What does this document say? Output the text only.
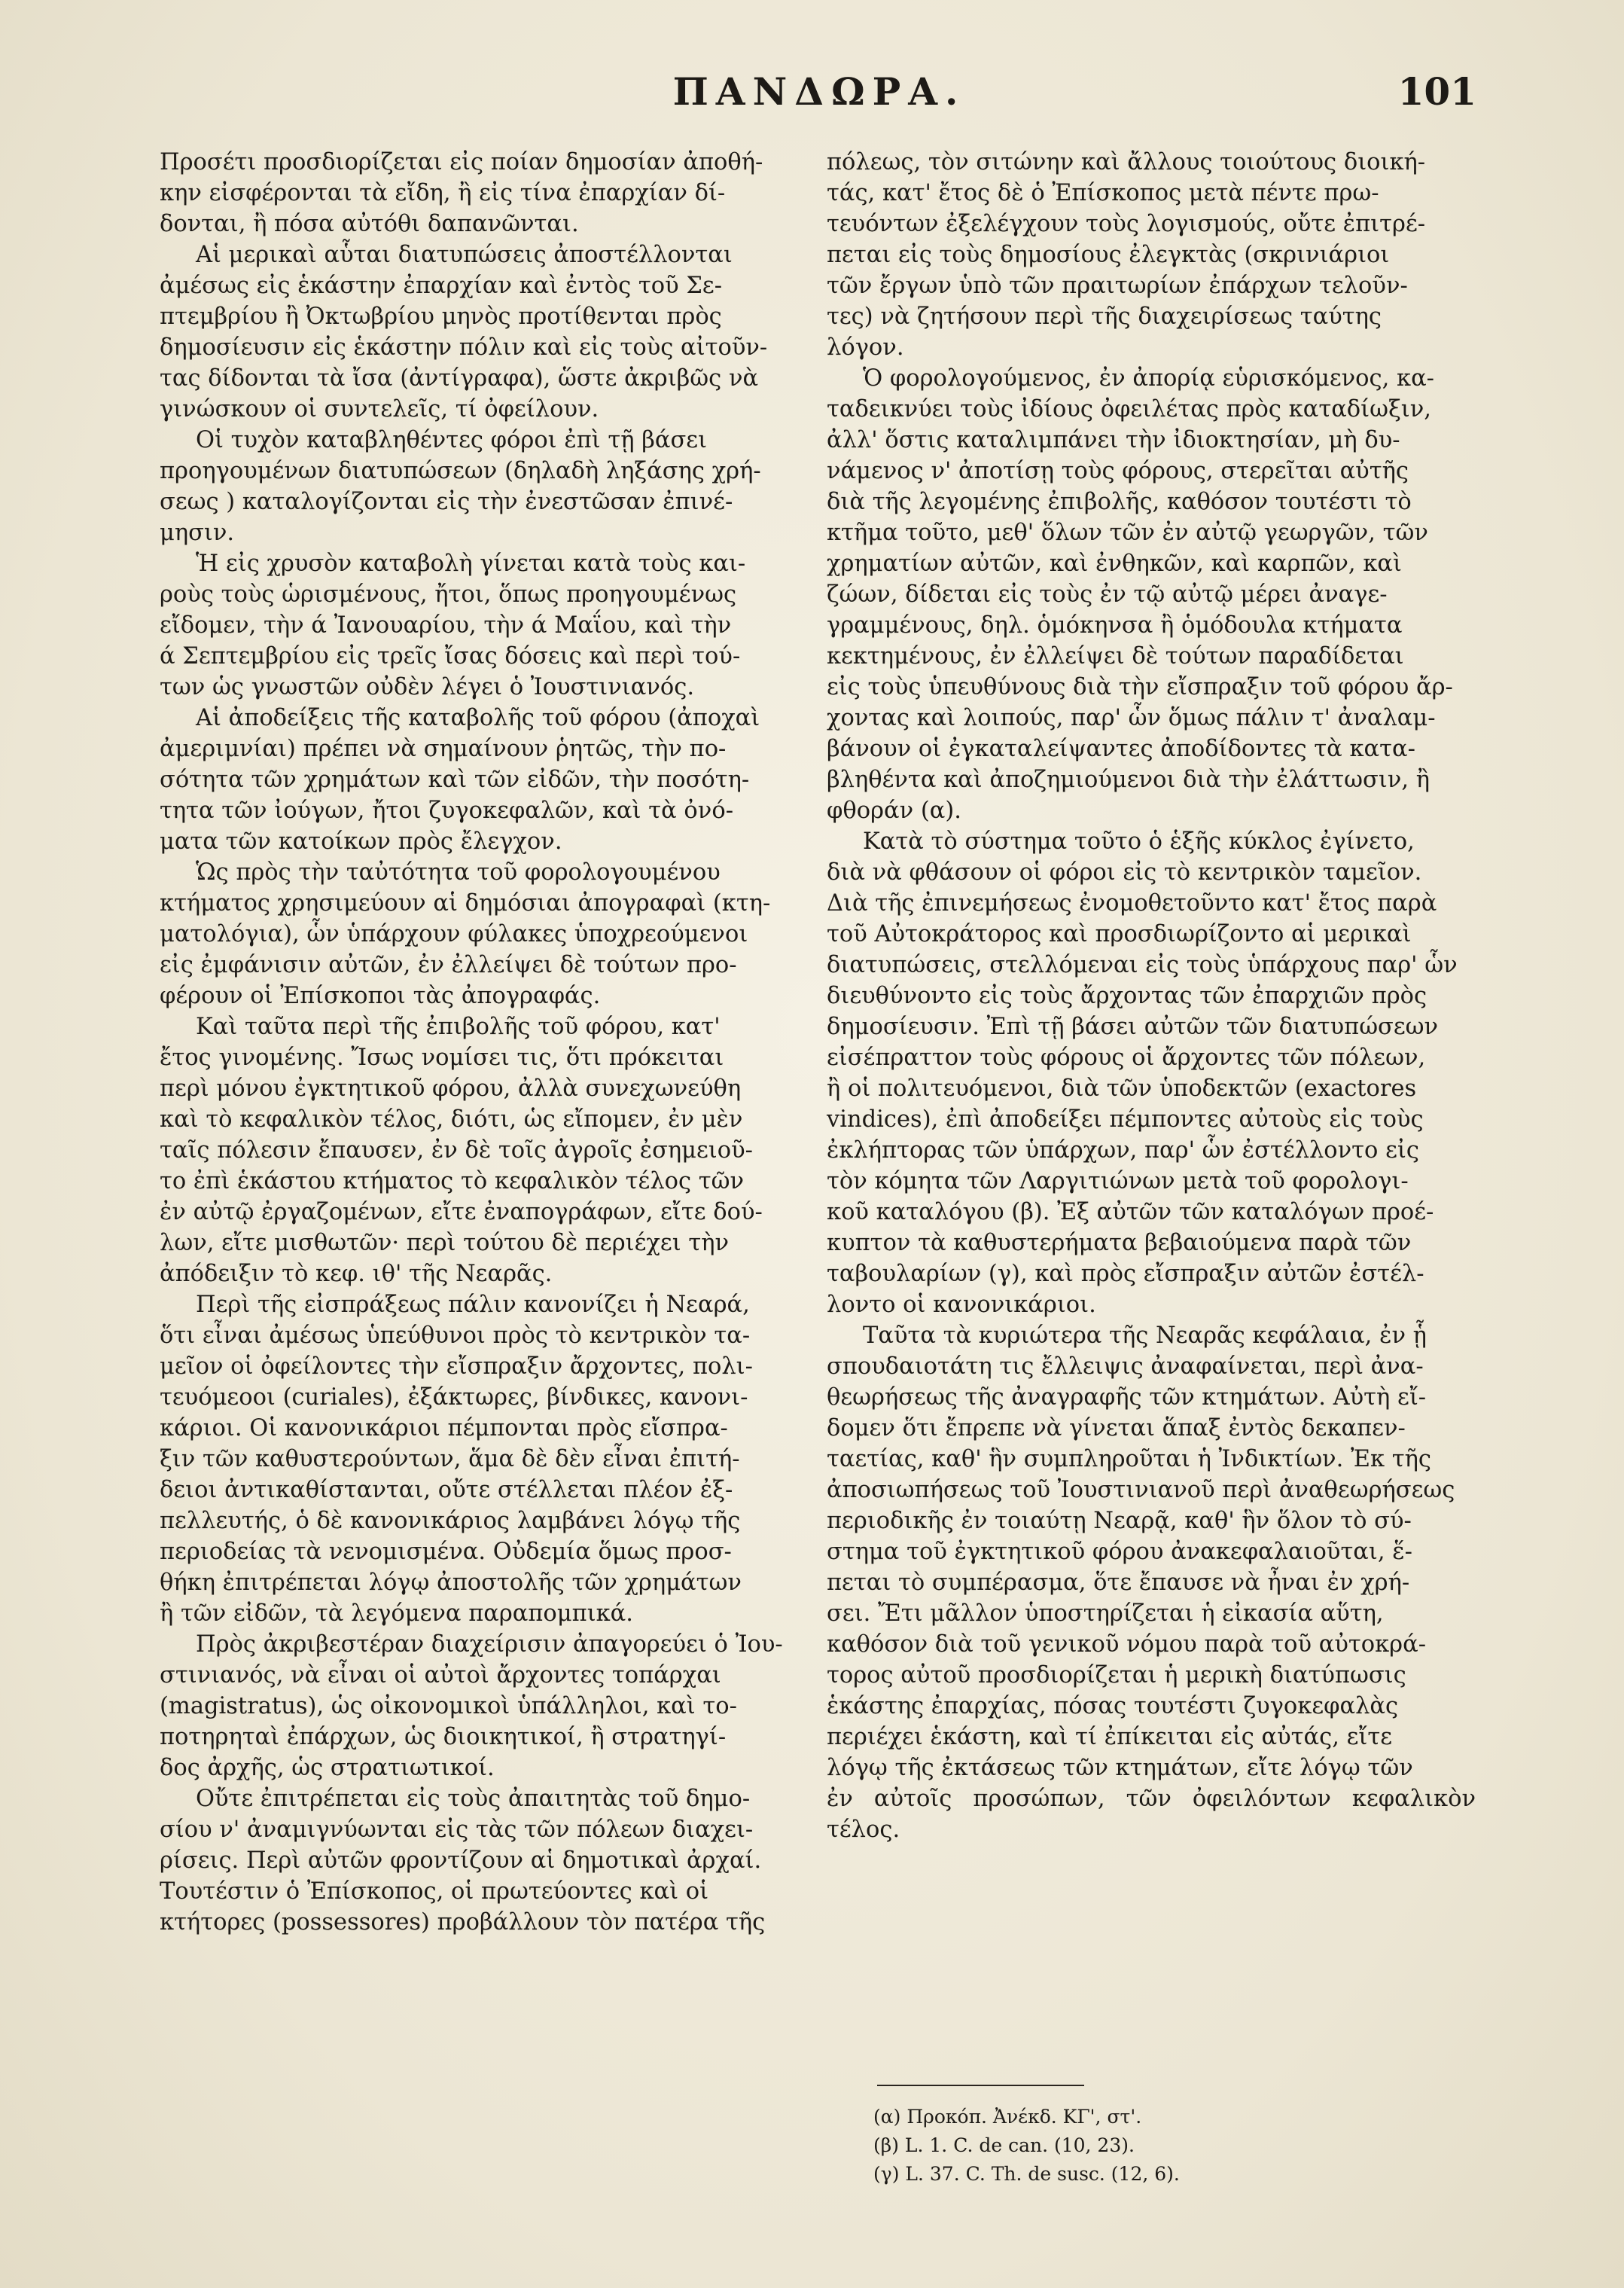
ΠΑΝΔΩΡΑ.	101

Προσέτι προσδιορίζεται εἰς ποίαν δημοσίαν ἀποθή-
κην εἰσφέρονται τὰ εἴδη, ἢ εἰς τίνα ἐπαρχίαν δί-
δονται, ἢ πόσα αὐτόθι δαπανῶνται.

Αἱ μερικαὶ αὗται διατυπώσεις ἀποστέλλονται
ἀμέσως εἰς ἑκάστην ἐπαρχίαν καὶ ἐντὸς τοῦ Σε-
πτεμβρίου ἢ Ὀκτωβρίου μηνὸς προτίθενται πρὸς
δημοσίευσιν εἰς ἑκάστην πόλιν καὶ εἰς τοὺς αἰτοῦν-
τας δίδονται τὰ ἴσα (ἀντίγραφα), ὥστε ἀκριβῶς νὰ
γινώσκουν οἱ συντελεῖς, τί ὀφείλουν.

Οἱ τυχὸν καταβληθέντες φόροι ἐπὶ τῇ βάσει
προηγουμένων διατυπώσεων (δηλαδὴ ληξάσης χρή-
σεως ) καταλογίζονται εἰς τὴν ἐνεστῶσαν ἐπινέ-
μησιν.

Ἡ εἰς χρυσὸν καταβολὴ γίνεται κατὰ τοὺς και-
ροὺς τοὺς ὡρισμένους, ἤτοι, ὅπως προηγουμένως
εἴδομεν, τὴν ά Ἰανουαρίου, τὴν ά Μαΐου, καὶ τὴν
ά Σεπτεμβρίου εἰς τρεῖς ἴσας δόσεις καὶ περὶ τού-
των ὡς γνωστῶν οὐδὲν λέγει ὁ Ἰουστινιανός.

Αἱ ἀποδείξεις τῆς καταβολῆς τοῦ φόρου (ἀποχαὶ
ἀμεριμνίαι) πρέπει νὰ σημαίνουν ῥητῶς, τὴν πο-
σότητα τῶν χρημάτων καὶ τῶν εἰδῶν, τὴν ποσότη-
τητα τῶν ἰούγων, ἤτοι ζυγοκεφαλῶν, καὶ τὰ ὀνό-
ματα τῶν κατοίκων πρὸς ἔλεγχον.

Ὡς πρὸς τὴν ταὐτότητα τοῦ φορολογουμένου
κτήματος χρησιμεύουν αἱ δημόσιαι ἀπογραφαὶ (κτη-
ματολόγια), ὧν ὑπάρχουν φύλακες ὑποχρεούμενοι
εἰς ἐμφάνισιν αὐτῶν, ἐν ἐλλείψει δὲ τούτων προ-
φέρουν οἱ Ἐπίσκοποι τὰς ἀπογραφάς.

Καὶ ταῦτα περὶ τῆς ἐπιβολῆς τοῦ φόρου, κατ'
ἔτος γινομένης. Ἴσως νομίσει τις, ὅτι πρόκειται
περὶ μόνου ἐγκτητικοῦ φόρου, ἀλλὰ συνεχωνεύθη
καὶ τὸ κεφαλικὸν τέλος, διότι, ὡς εἴπομεν, ἐν μὲν
ταῖς πόλεσιν ἔπαυσεν, ἐν δὲ τοῖς ἀγροῖς ἐσημειοῦ-
το ἐπὶ ἑκάστου κτήματος τὸ κεφαλικὸν τέλος τῶν
ἐν αὐτῷ ἐργαζομένων, εἴτε ἐναπογράφων, εἴτε δού-
λων, εἴτε μισθωτῶν· περὶ τούτου δὲ περιέχει τὴν
ἀπόδειξιν τὸ κεφ. ιθ' τῆς Νεαρᾶς.

Περὶ τῆς εἰσπράξεως πάλιν κανονίζει ἡ Νεαρά,
ὅτι εἶναι ἀμέσως ὑπεύθυνοι πρὸς τὸ κεντρικὸν τα-
μεῖον οἱ ὀφείλοντες τὴν εἴσπραξιν ἄρχοντες, πολι-
τευόμεοοι (curiales), ἐξάκτωρες, βίνδικες, κανονι-
κάριοι. Οἱ κανονικάριοι πέμπονται πρὸς εἴσπρα-
ξιν τῶν καθυστερούντων, ἅμα δὲ δὲν εἶναι ἐπιτή-
δειοι ἀντικαθίστανται, οὔτε στέλλεται πλέον ἐξ-
πελλευτής, ὁ δὲ κανονικάριος λαμβάνει λόγῳ τῆς
περιοδείας τὰ νενομισμένα. Οὐδεμία ὅμως προσ-
θήκη ἐπιτρέπεται λόγῳ ἀποστολῆς τῶν χρημάτων
ἢ τῶν εἰδῶν, τὰ λεγόμενα παραπομπικά.

Πρὸς ἀκριβεστέραν διαχείρισιν ἀπαγορεύει ὁ Ἰου-
στινιανός, νὰ εἶναι οἱ αὐτοὶ ἄρχοντες τοπάρχαι
(magistratus), ὡς οἰκονομικοὶ ὑπάλληλοι, καὶ το-
ποτηρηταὶ ἐπάρχων, ὡς διοικητικοί, ἢ στρατηγί-
δος ἀρχῆς, ὡς στρατιωτικοί.

Οὔτε ἐπιτρέπεται εἰς τοὺς ἀπαιτητὰς τοῦ δημο-
σίου ν' ἀναμιγνύωνται εἰς τὰς τῶν πόλεων διαχει-
ρίσεις. Περὶ αὐτῶν φροντίζουν αἱ δημοτικαὶ ἀρχαί.
Τουτέστιν ὁ Ἐπίσκοπος, οἱ πρωτεύοντες καὶ οἱ
κτήτορες (possessores) προβάλλουν τὸν πατέρα τῆς

πόλεως, τὸν σιτώνην καὶ ἄλλους τοιούτους διοική-
τάς, κατ' ἔτος δὲ ὁ Ἐπίσκοπος μετὰ πέντε πρω-
τευόντων ἐξελέγχουν τοὺς λογισμούς, οὔτε ἐπιτρέ-
πεται εἰς τοὺς δημοσίους ἐλεγκτὰς (σκρινιάριοι
τῶν ἔργων ὑπὸ τῶν πραιτωρίων ἐπάρχων τελοῦν-
τες) νὰ ζητήσουν περὶ τῆς διαχειρίσεως ταύτης
λόγον.

Ὁ φορολογούμενος, ἐν ἀπορίᾳ εὑρισκόμενος, κα-
ταδεικνύει τοὺς ἰδίους ὀφειλέτας πρὸς καταδίωξιν,
ἀλλ' ὅστις καταλιμπάνει τὴν ἰδιοκτησίαν, μὴ δυ-
νάμενος ν' ἀποτίσῃ τοὺς φόρους, στερεῖται αὐτῆς
διὰ τῆς λεγομένης ἐπιβολῆς, καθόσον τουτέστι τὸ
κτῆμα τοῦτο, μεθ' ὅλων τῶν ἐν αὐτῷ γεωργῶν, τῶν
χρηματίων αὐτῶν, καὶ ἐνθηκῶν, καὶ καρπῶν, καὶ
ζώων, δίδεται εἰς τοὺς ἐν τῷ αὐτῷ μέρει ἀναγε-
γραμμένους, δηλ. ὁμόκηνσα ἢ ὁμόδουλα κτήματα
κεκτημένους, ἐν ἐλλείψει δὲ τούτων παραδίδεται
εἰς τοὺς ὑπευθύνους διὰ τὴν εἴσπραξιν τοῦ φόρου ἄρ-
χοντας καὶ λοιπούς, παρ' ὧν ὅμως πάλιν τ' ἀναλαμ-
βάνουν οἱ ἐγκαταλείψαντες ἀποδίδοντες τὰ κατα-
βληθέντα καὶ ἀποζημιούμενοι διὰ τὴν ἐλάττωσιν, ἢ
φθοράν (α).

Κατὰ τὸ σύστημα τοῦτο ὁ ἑξῆς κύκλος ἐγίνετο,
διὰ νὰ φθάσουν οἱ φόροι εἰς τὸ κεντρικὸν ταμεῖον.
Διὰ τῆς ἐπινεμήσεως ἐνομοθετοῦντο κατ' ἔτος παρὰ
τοῦ Αὐτοκράτορος καὶ προσδιωρίζοντο αἱ μερικαὶ
διατυπώσεις, στελλόμεναι εἰς τοὺς ὑπάρχους παρ' ὧν
διευθύνοντο εἰς τοὺς ἄρχοντας τῶν ἐπαρχιῶν πρὸς
δημοσίευσιν. Ἐπὶ τῇ βάσει αὐτῶν τῶν διατυπώσεων
εἰσέπραττον τοὺς φόρους οἱ ἄρχοντες τῶν πόλεων,
ἢ οἱ πολιτευόμενοι, διὰ τῶν ὑποδεκτῶν (exactores
vindices), ἐπὶ ἀποδείξει πέμποντες αὐτοὺς εἰς τοὺς
ἐκλήπτορας τῶν ὑπάρχων, παρ' ὧν ἐστέλλοντο εἰς
τὸν κόμητα τῶν Λαργιτιώνων μετὰ τοῦ φορολογι-
κοῦ καταλόγου (β). Ἐξ αὐτῶν τῶν καταλόγων προέ-
κυπτον τὰ καθυστερήματα βεβαιούμενα παρὰ τῶν
ταβουλαρίων (γ), καὶ πρὸς εἴσπραξιν αὐτῶν ἐστέλ-
λοντο οἱ κανονικάριοι.

Ταῦτα τὰ κυριώτερα τῆς Νεαρᾶς κεφάλαια, ἐν ᾗ
σπουδαιοτάτη τις ἔλλειψις ἀναφαίνεται, περὶ ἀνα-
θεωρήσεως τῆς ἀναγραφῆς τῶν κτημάτων. Αὐτὴ εἴ-
δομεν ὅτι ἔπρεπε νὰ γίνεται ἅπαξ ἐντὸς δεκαπεν-
ταετίας, καθ' ἣν συμπληροῦται ἡ Ἰνδικτίων. Ἐκ τῆς
ἀποσιωπήσεως τοῦ Ἰουστινιανοῦ περὶ ἀναθεωρήσεως
περιοδικῆς ἐν τοιαύτῃ Νεαρᾷ, καθ' ἣν ὅλον τὸ σύ-
στημα τοῦ ἐγκτητικοῦ φόρου ἀνακεφαλαιοῦται, ἕ-
πεται τὸ συμπέρασμα, ὅτε ἔπαυσε νὰ ἦναι ἐν χρή-
σει. Ἔτι μᾶλλον ὑποστηρίζεται ἡ εἰκασία αὕτη,
καθόσον διὰ τοῦ γενικοῦ νόμου παρὰ τοῦ αὐτοκρά-
τορος αὐτοῦ προσδιορίζεται ἡ μερικὴ διατύπωσις
ἑκάστης ἐπαρχίας, πόσας τουτέστι ζυγοκεφαλὰς
περιέχει ἑκάστη, καὶ τί ἐπίκειται εἰς αὐτάς, εἴτε
λόγῳ τῆς ἐκτάσεως τῶν κτημάτων, εἴτε λόγῳ τῶν
ἐν αὐτοῖς προσώπων, τῶν ὀφειλόντων κεφαλικὸν τέλος.

(α) Προκόπ. Ἀνέκδ. ΚΓ', στ'.
(β) L. 1. C. de can. (10, 23).
(γ) L. 37. C. Th. de susc. (12, 6).
